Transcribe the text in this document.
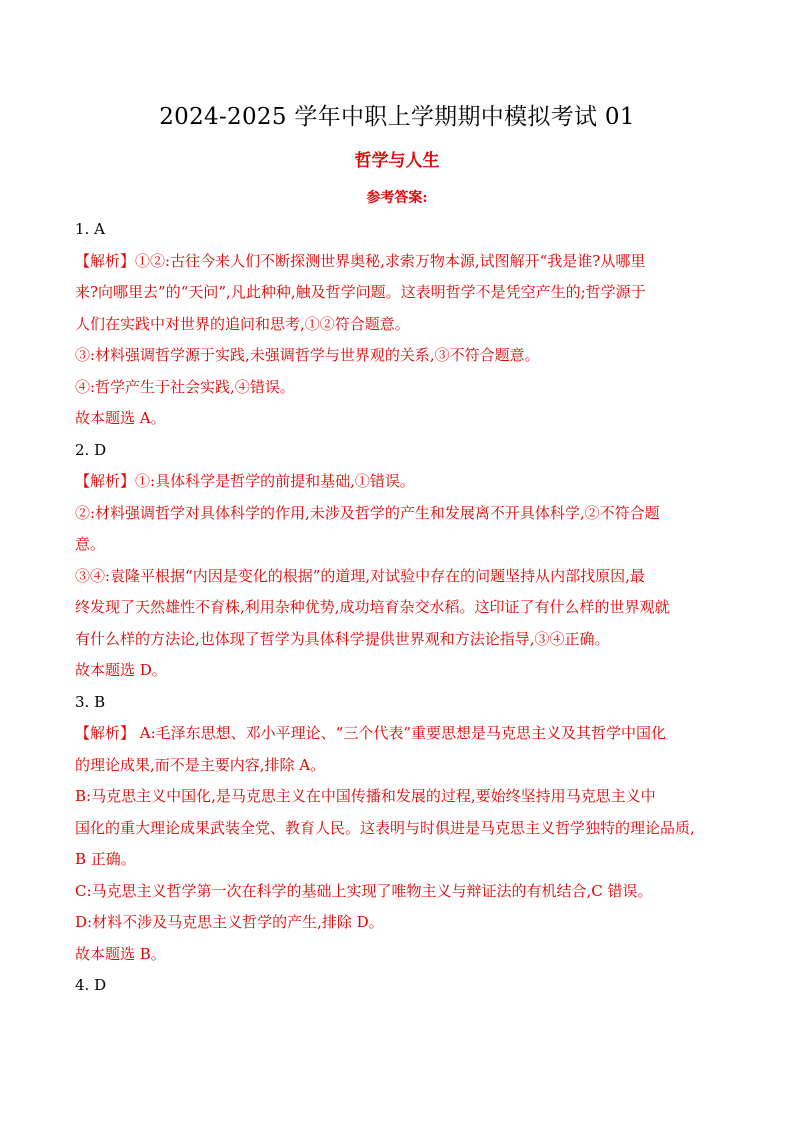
2024-2025 学年中职上学期期中模拟考试 01
哲学与人生
参考答案:
1. A
【解析】①②:古往今来人们不断探测世界奥秘,求索万物本源,试图解开“我是谁?从哪里
来?向哪里去”的“天问”,凡此种种,触及哲学问题。这表明哲学不是凭空产生的;哲学源于
人们在实践中对世界的追问和思考,①②符合题意。
③:材料强调哲学源于实践,未强调哲学与世界观的关系,③不符合题意。
④:哲学产生于社会实践,④错误。
故本题选 A。
2. D
【解析】①:具体科学是哲学的前提和基础,①错误。
②:材料强调哲学对具体科学的作用,未涉及哲学的产生和发展离不开具体科学,②不符合题
意。
③④:袁隆平根据“内因是变化的根据”的道理,对试验中存在的问题坚持从内部找原因,最
终发现了天然雄性不育株,利用杂种优势,成功培育杂交水稻。这印证了有什么样的世界观就
有什么样的方法论,也体现了哲学为具体科学提供世界观和方法论指导,③④正确。
故本题选 D。
3. B
【解析】 A:毛泽东思想、邓小平理论、“三个代表”重要思想是马克思主义及其哲学中国化
的理论成果,而不是主要内容,排除 A。
B:马克思主义中国化,是马克思主义在中国传播和发展的过程,要始终坚持用马克思主义中
国化的重大理论成果武装全党、教育人民。这表明与时俱进是马克思主义哲学独特的理论品质,
B 正确。
C:马克思主义哲学第一次在科学的基础上实现了唯物主义与辩证法的有机结合,C 错误。
D:材料不涉及马克思主义哲学的产生,排除 D。
故本题选 B。
4. D
